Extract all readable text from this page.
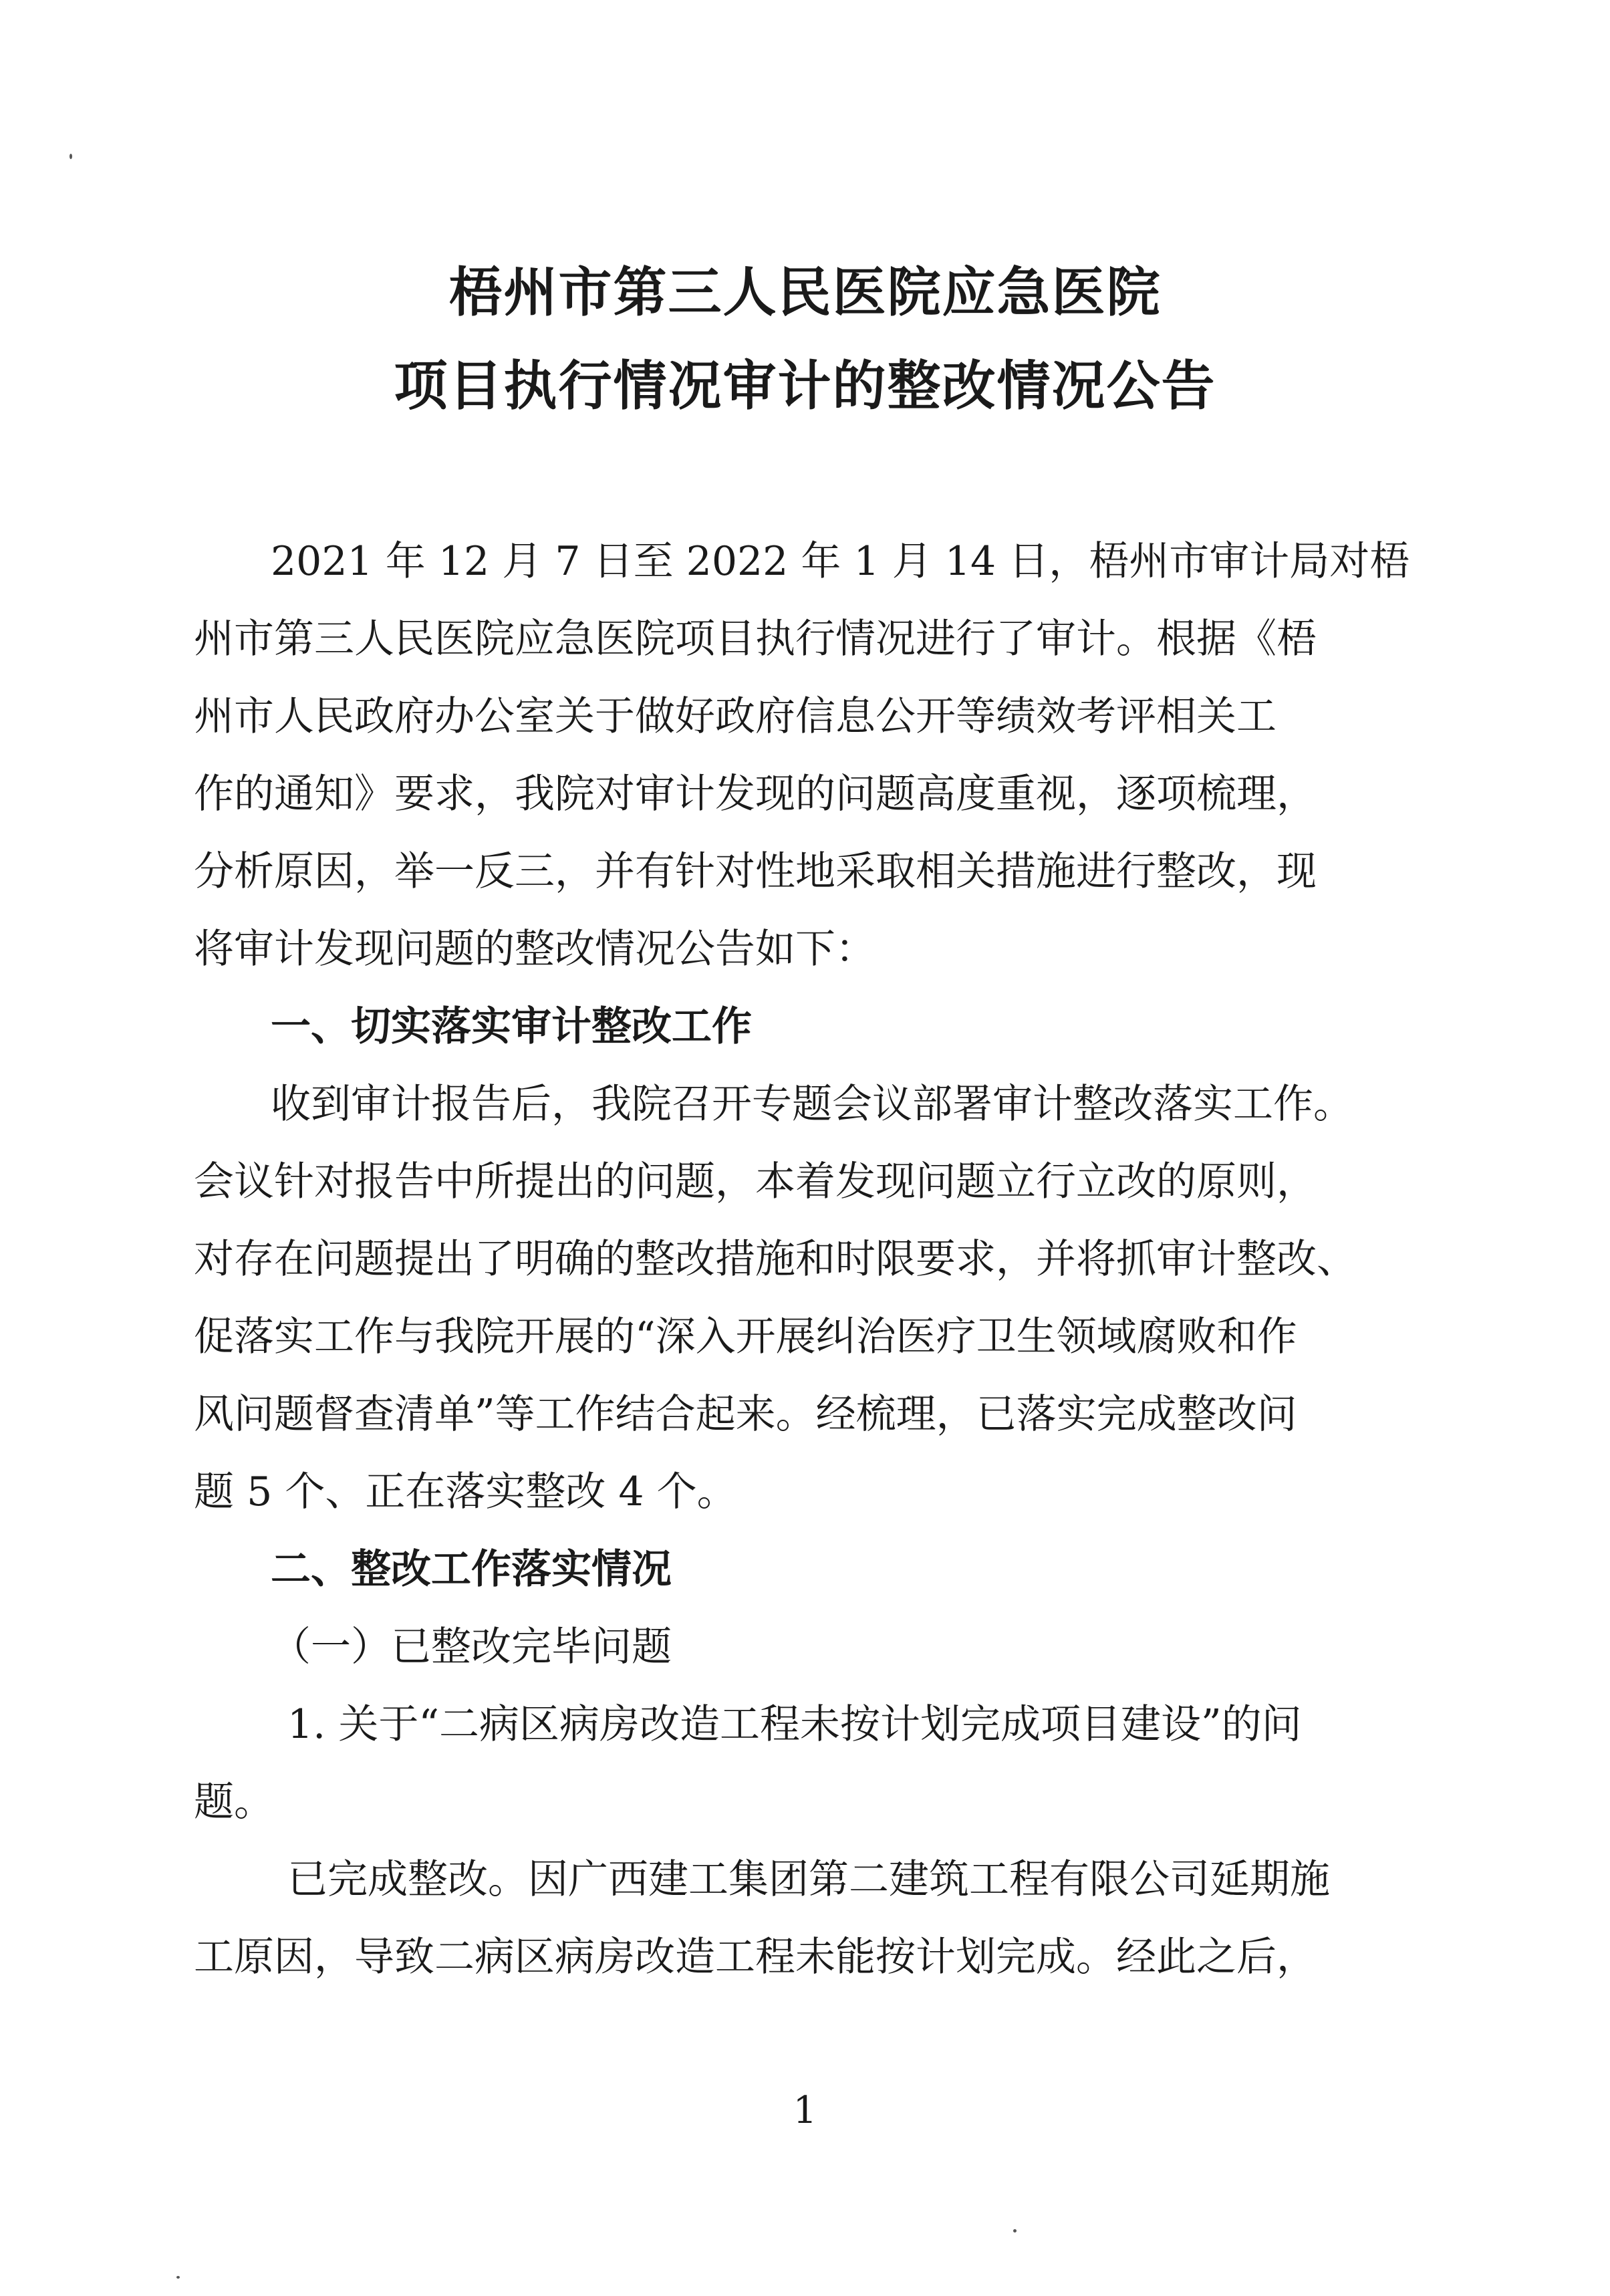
梧州市第三人民医院应急医院
项目执行情况审计的整改情况公告
2021 年 12 月 7 日至 2022 年 1 月 14 日，梧州市审计局对梧
州市第三人民医院应急医院项目执行情况进行了审计。根据《梧
州市人民政府办公室关于做好政府信息公开等绩效考评相关工
作的通知》要求，我院对审计发现的问题高度重视，逐项梳理，
分析原因，举一反三，并有针对性地采取相关措施进行整改，现
将审计发现问题的整改情况公告如下：
一、切实落实审计整改工作
收到审计报告后，我院召开专题会议部署审计整改落实工作。
会议针对报告中所提出的问题，本着发现问题立行立改的原则，
对存在问题提出了明确的整改措施和时限要求，并将抓审计整改、
促落实工作与我院开展的“深入开展纠治医疗卫生领域腐败和作
风问题督查清单”等工作结合起来。经梳理，已落实完成整改问
题 5 个、正在落实整改 4 个。
二、整改工作落实情况
（一）已整改完毕问题
1. 关于“二病区病房改造工程未按计划完成项目建设”的问
题。
已完成整改。因广西建工集团第二建筑工程有限公司延期施
工原因，导致二病区病房改造工程未能按计划完成。经此之后，
1
